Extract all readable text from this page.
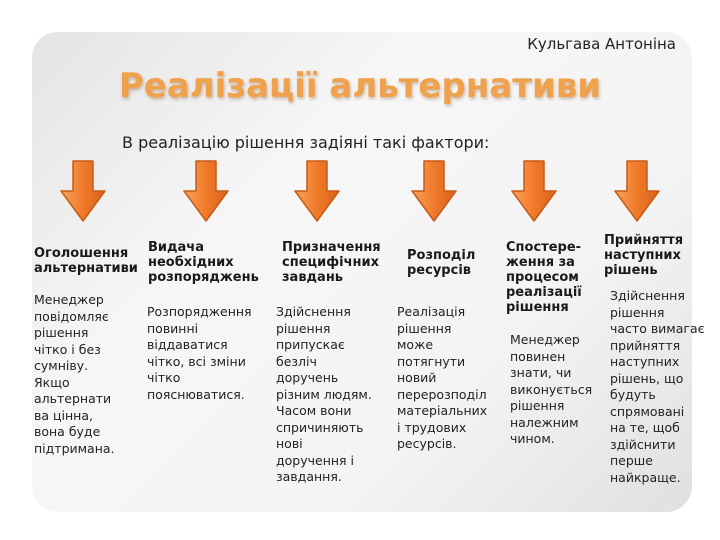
Кульгава Антоніна
Реалізації альтернативи
В реалізацію рішення задіяні такі фактори:
Оголошення
альтернативи
Видача
необхідних
розпоряджень
Призначення
специфічних
завдань
Розподіл
ресурсів
Спостере-
ження за
процесом
реалізації
рішення
Прийняття
наступних
рішень
Менеджер
повідомляє
рішення
чітко і без
сумніву.
Якщо
альтернати
ва цінна,
вона буде
підтримана.
Розпорядження
повинні
віддаватися
чітко, всі зміни
чітко
пояснюватися.
Здійснення
рішення
припускає
безліч
доручень
різним людям.
Часом вони
спричиняють
нові
доручення і
завдання.
Реалізація
рішення
може
потягнути
новий
перерозподіл
матеріальних
і трудових
ресурсів.
Менеджер
повинен
знати, чи
виконується
рішення
належним
чином.
Здійснення
рішення
часто вимагає
прийняття
наступних
рішень, що
будуть
спрямовані
на те, щоб
здійснити
перше
найкраще.
